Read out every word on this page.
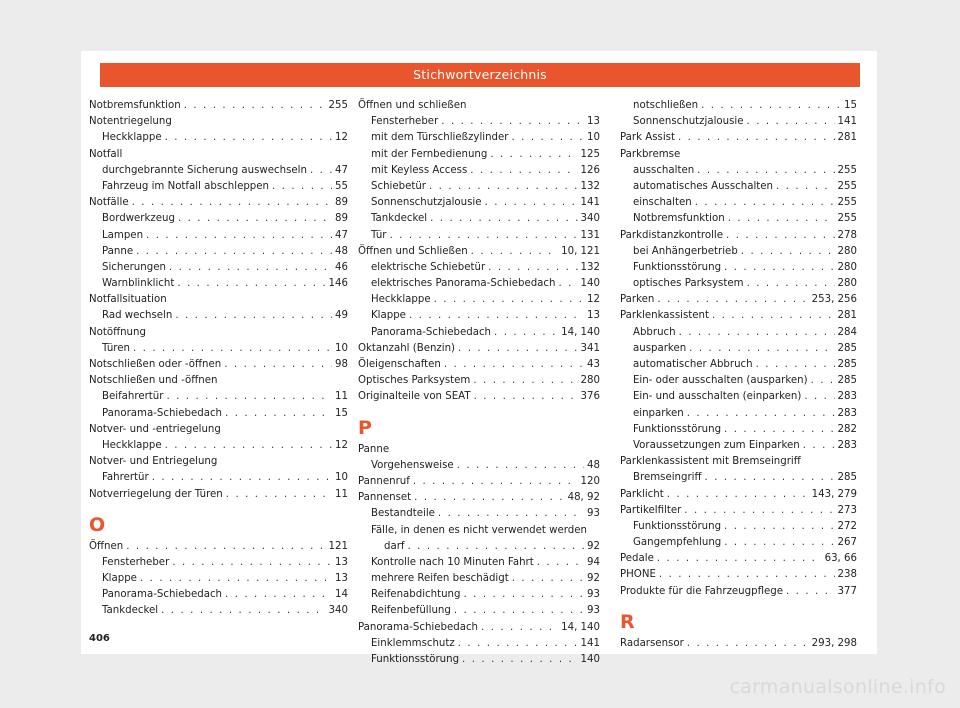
Stichwortverzeichnis
Notbremsfunktion . . .	255
Notentriegelung
Heckklappe . . .	12
Notfall
durchgebrannte Sicherung auswechseln . . .	47
Fahrzeug im Notfall abschleppen . . .	55
Notfälle . . .	89
Bordwerkzeug . . .	89
Lampen . . .	47
Panne . . .	48
Sicherungen . . .	46
Warnblinklicht . . .	146
Notfallsituation
Rad wechseln . . .	49
Notöffnung
Türen . . .	10
Notschließen oder -öffnen . . .	98
Notschließen und -öffnen
Beifahrertür . . .	11
Panorama-Schiebedach . . .	15
Notver- und -entriegelung
Heckklappe . . .	12
Notver- und Entriegelung
Fahrertür . . .	10
Notverriegelung der Türen . . .	11
O
Öffnen . . .	121
Fensterheber . . .	13
Klappe . . .	13
Panorama-Schiebedach . . .	14
Tankdeckel . . .	340
Öffnen und schließen
Fensterheber . . .	13
mit dem Türschließzylinder . . .	10
mit der Fernbedienung . . .	125
mit Keyless Access . . .	126
Schiebetür . . .	132
Sonnenschutzjalousie . . .	141
Tankdeckel . . .	340
Tür . . .	131
Öffnen und Schließen . . .	10, 121
elektrische Schiebetür . . .	132
elektrisches Panorama-Schiebedach . . . 140
Heckklappe . . .	12
Klappe . . .	13
Panorama-Schiebedach . . .	14, 140
Oktanzahl (Benzin) . . .	341
Öleigenschaften . . .	43
Optisches Parksystem . . .	280
Originalteile von SEAT . . .	376
P
Panne
Vorgehensweise . . .	48
Pannenruf . . .	120
Pannenset . . .	48, 92
Bestandteile . . .	93
Fälle, in denen es nicht verwendet werden
darf . . .	92
Kontrolle nach 10 Minuten Fahrt . . .	94
mehrere Reifen beschädigt . . .	92
Reifenabdichtung . . .	93
Reifenbefüllung . . .	93
Panorama-Schiebedach . . .	14, 140
Einklemmschutz . . .	141
Funktionsstörung . . .	140
notschließen . . .	15
Sonnenschutzjalousie . . .	141
Park Assist . . .	281
Parkbremse
ausschalten . . .	255
automatisches Ausschalten . . .	255
einschalten . . .	255
Notbremsfunktion . . .	255
Parkdistanzkontrolle . . .	278
bei Anhängerbetrieb . . .	280
Funktionsstörung . . .	280
optisches Parksystem . . .	280
Parken . . .	253, 256
Parklenkassistent . . .	281
Abbruch . . .	284
ausparken . . .	285
automatischer Abbruch . . .	285
Ein- oder ausschalten (ausparken) . . .	285
Ein- und ausschalten (einparken) . . .	283
einparken . . .	283
Funktionsstörung . . .	282
Voraussetzungen zum Einparken . . .	283
Parklenkassistent mit Bremseingriff
Bremseingriff . . .	285
Parklicht . . .	143, 279
Partikelfilter . . .	273
Funktionsstörung . . .	272
Gangempfehlung . . .	267
Pedale . . .	63, 66
PHONE . . .	238
Produkte für die Fahrzeugpflege . . .	377
R
Radarsensor . . .	293, 298
406
carmanualsonline.info
